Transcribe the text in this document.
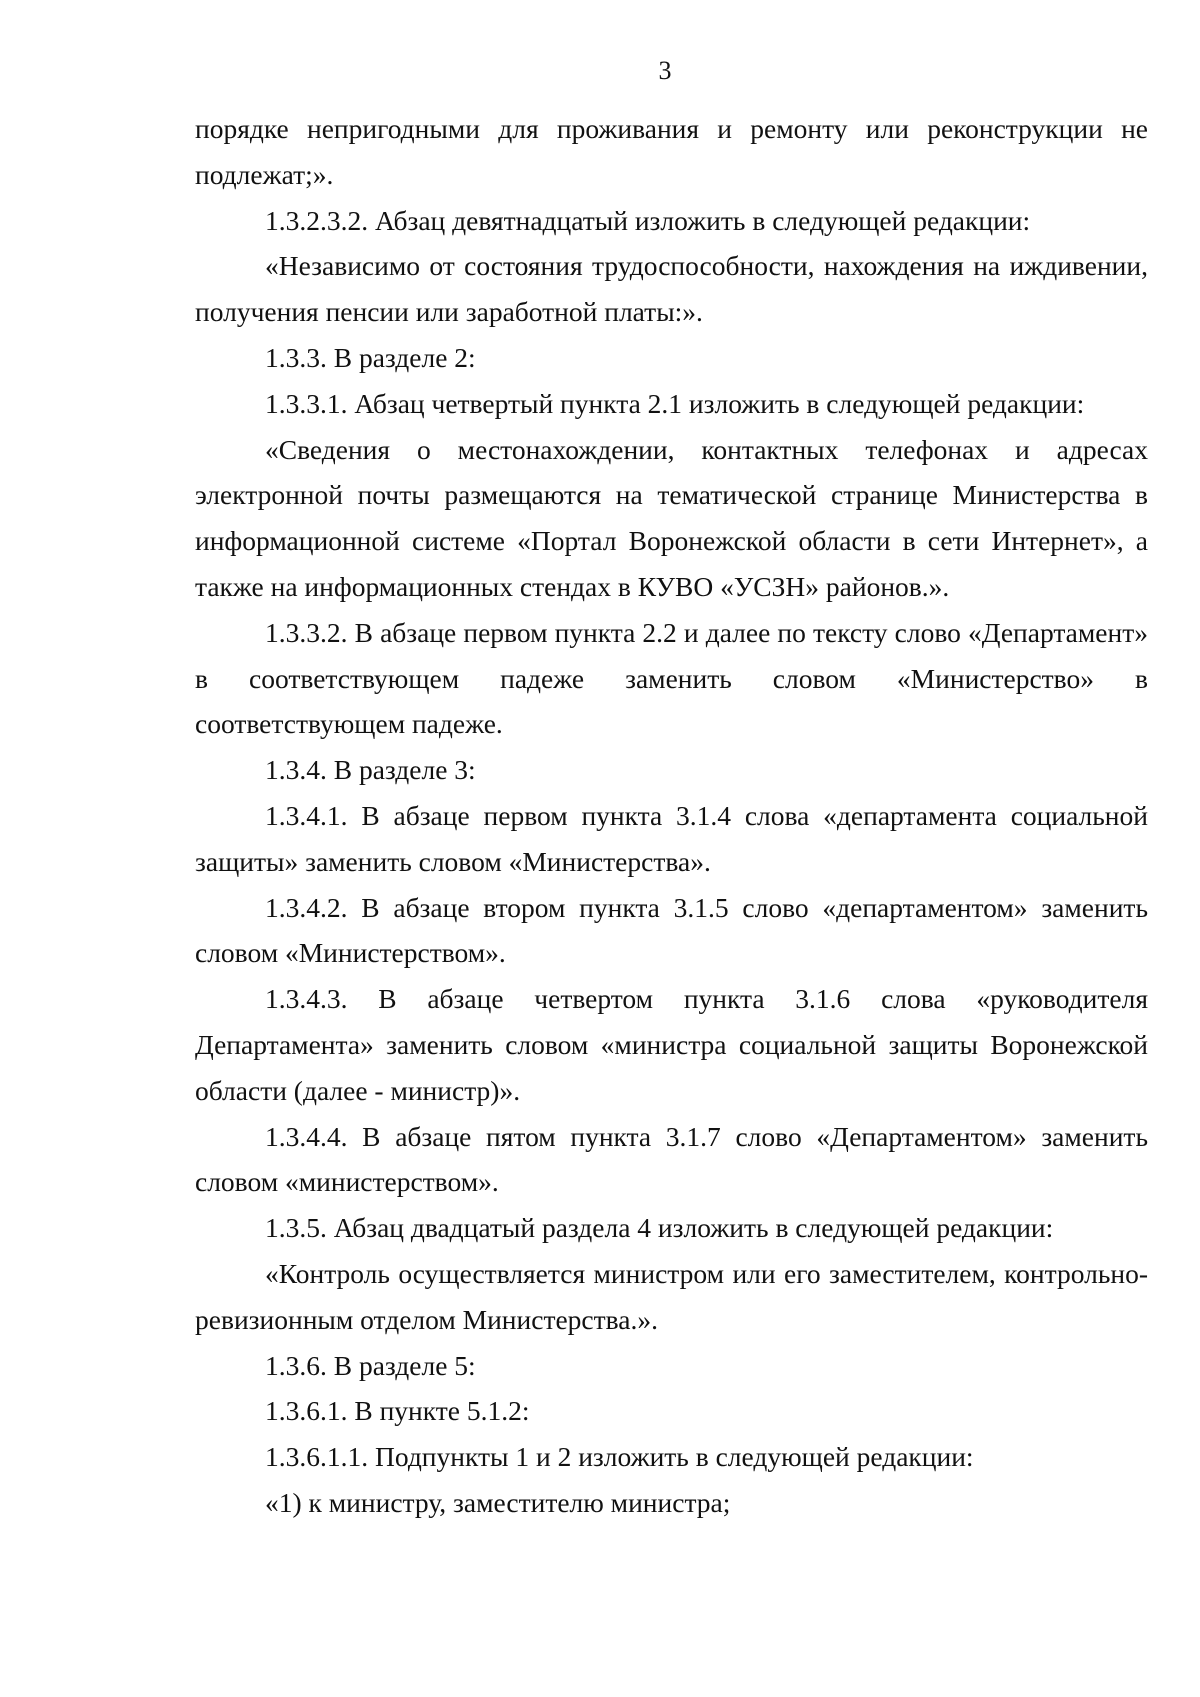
3

порядке непригодными для проживания и ремонту или реконструкции не подлежат;».

1.3.2.3.2. Абзац девятнадцатый изложить в следующей редакции:

«Независимо от состояния трудоспособности, нахождения на иждивении, получения пенсии или заработной платы:».

1.3.3. В разделе 2:

1.3.3.1. Абзац четвертый пункта 2.1 изложить в следующей редакции:

«Сведения о местонахождении, контактных телефонах и адресах электронной почты размещаются на тематической странице Министерства в информационной системе «Портал Воронежской области в сети Интернет», а также на информационных стендах в КУВО «УСЗН» районов.».

1.3.3.2. В абзаце первом пункта 2.2 и далее по тексту слово «Департамент» в соответствующем падеже заменить словом «Министерство» в соответствующем падеже.

1.3.4. В разделе 3:

1.3.4.1. В абзаце первом пункта 3.1.4 слова «департамента социальной защиты» заменить словом «Министерства».

1.3.4.2. В абзаце втором пункта 3.1.5 слово «департаментом» заменить словом «Министерством».

1.3.4.3. В абзаце четвертом пункта 3.1.6 слова «руководителя Департамента» заменить словом «министра социальной защиты Воронежской области (далее - министр)».

1.3.4.4. В абзаце пятом пункта 3.1.7 слово «Департаментом» заменить словом «министерством».

1.3.5. Абзац двадцатый раздела 4 изложить в следующей редакции:

«Контроль осуществляется министром или его заместителем, контрольно-ревизионным отделом Министерства.».

1.3.6. В разделе 5:

1.3.6.1. В пункте 5.1.2:

1.3.6.1.1. Подпункты 1 и 2 изложить в следующей редакции:

«1) к министру, заместителю министра;
